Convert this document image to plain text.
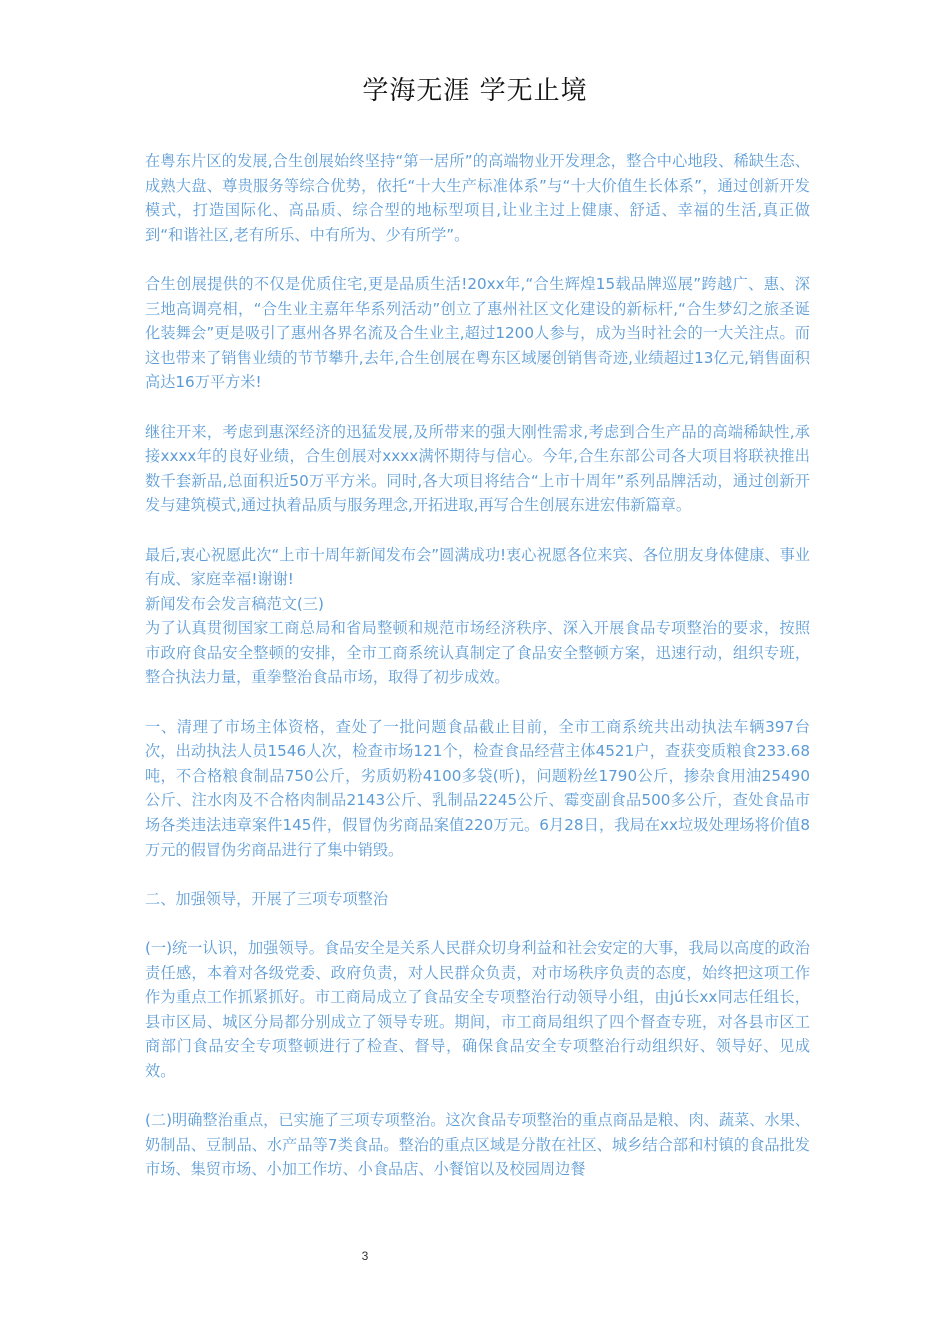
学海无涯 学无止境

在粤东片区的发展,合生创展始终坚持“第一居所”的高端物业开发理念，整合中心地段、稀缺生态、成熟大盘、尊贵服务等综合优势，依托“十大生产标准体系”与“十大价值生长体系”，通过创新开发模式，打造国际化、高品质、综合型的地标型项目,让业主过上健康、舒适、幸福的生活,真正做到“和谐社区,老有所乐、中有所为、少有所学”。

合生创展提供的不仅是优质住宅,更是品质生活!20xx年,“合生辉煌15载品牌巡展”跨越广、惠、深三地高调亮相，“合生业主嘉年华系列活动”创立了惠州社区文化建设的新标杆,“合生梦幻之旅圣诞化装舞会”更是吸引了惠州各界名流及合生业主,超过1200人参与，成为当时社会的一大关注点。而这也带来了销售业绩的节节攀升,去年,合生创展在粤东区域屡创销售奇迹,业绩超过13亿元,销售面积高达16万平方米!

继往开来，考虑到惠深经济的迅猛发展,及所带来的强大刚性需求,考虑到合生产品的高端稀缺性,承接xxxx年的良好业绩，合生创展对xxxx满怀期待与信心。今年,合生东部公司各大项目将联袂推出数千套新品,总面积近50万平方米。同时,各大项目将结合“上市十周年”系列品牌活动，通过创新开发与建筑模式,通过执着品质与服务理念,开拓进取,再写合生创展东进宏伟新篇章。

最后,衷心祝愿此次“上市十周年新闻发布会”圆满成功!衷心祝愿各位来宾、各位朋友身体健康、事业有成、家庭幸福!谢谢!

新闻发布会发言稿范文(三)

为了认真贯彻国家工商总局和省局整顿和规范市场经济秩序、深入开展食品专项整治的要求，按照市政府食品安全整顿的安排，全市工商系统认真制定了食品安全整顿方案，迅速行动，组织专班，整合执法力量，重拳整治食品市场，取得了初步成效。

一、清理了市场主体资格，查处了一批问题食品截止目前，全市工商系统共出动执法车辆397台次，出动执法人员1546人次，检查市场121个，检查食品经营主体4521户，查获变质粮食233.68吨，不合格粮食制品750公斤，劣质奶粉4100多袋(听)，问题粉丝1790公斤，掺杂食用油25490公斤、注水肉及不合格肉制品2143公斤、乳制品2245公斤、霉变副食品500多公斤，查处食品市场各类违法违章案件145件，假冒伪劣商品案值220万元。6月28日，我局在xx垃圾处理场将价值8万元的假冒伪劣商品进行了集中销毁。

二、加强领导，开展了三项专项整治

(一)统一认识，加强领导。食品安全是关系人民群众切身利益和社会安定的大事，我局以高度的政治责任感，本着对各级党委、政府负责，对人民群众负责，对市场秩序负责的态度，始终把这项工作作为重点工作抓紧抓好。市工商局成立了食品安全专项整治行动领导小组，由jú长xx同志任组长，县市区局、城区分局都分别成立了领导专班。期间，市工商局组织了四个督查专班，对各县市区工商部门食品安全专项整顿进行了检查、督导，确保食品安全专项整治行动组织好、领导好、见成效。

(二)明确整治重点，已实施了三项专项整治。这次食品专项整治的重点商品是粮、肉、蔬菜、水果、奶制品、豆制品、水产品等7类食品。整治的重点区域是分散在社区、城乡结合部和村镇的食品批发市场、集贸市场、小加工作坊、小食品店、小餐馆以及校园周边餐

3
